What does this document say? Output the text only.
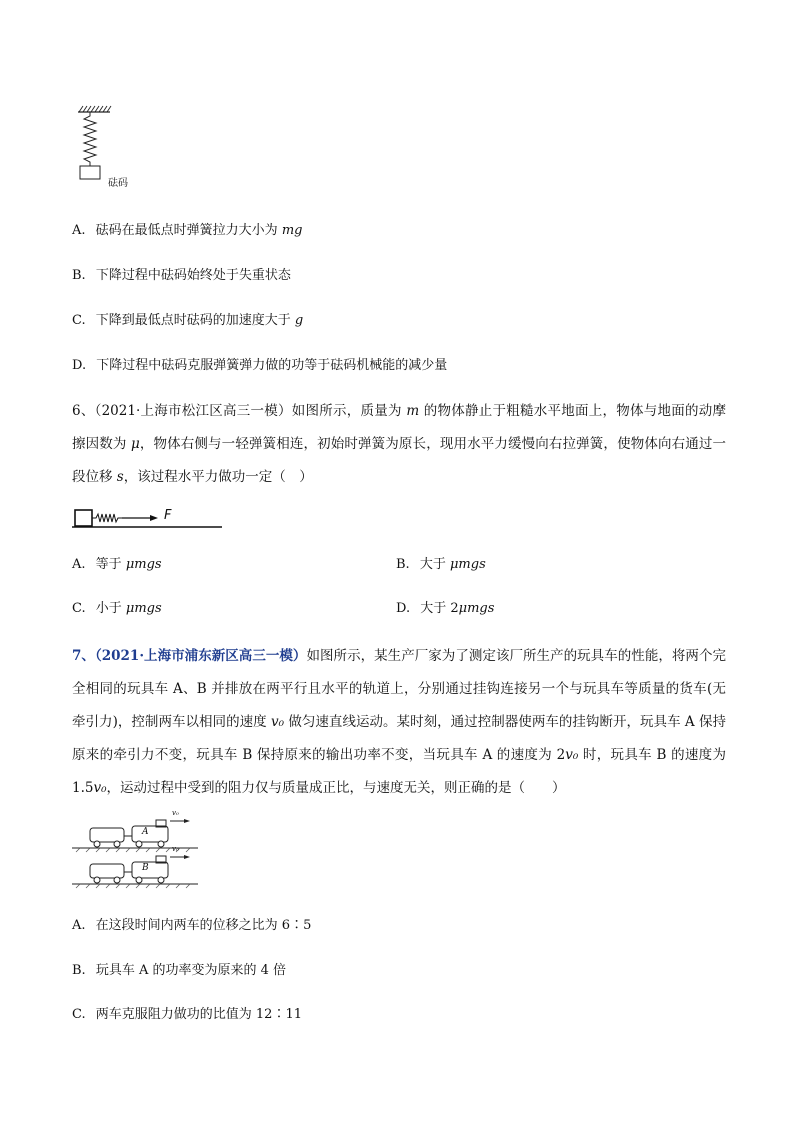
砝码
A. 砝码在最低点时弹簧拉力大小为 mg
B. 下降过程中砝码始终处于失重状态
C. 下降到最低点时砝码的加速度大于 g
D. 下降过程中砝码克服弹簧弹力做的功等于砝码机械能的减少量
6、（2021·上海市松江区高三一模）如图所示，质量为 m 的物体静止于粗糙水平地面上，物体与地面的动摩擦因数为 μ，物体右侧与一轻弹簧相连，初始时弹簧为原长，现用水平力缓慢向右拉弹簧，使物体向右通过一段位移 s，该过程水平力做功一定（　）
F
A. 等于 μmgs	B. 大于 μmgs
C. 小于 μmgs	D. 大于 2μmgs
7、（2021·上海市浦东新区高三一模）如图所示，某生产厂家为了测定该厂所生产的玩具车的性能，将两个完全相同的玩具车 A、B 并排放在两平行且水平的轨道上，分别通过挂钩连接另一个与玩具车等质量的货车(无牵引力)，控制两车以相同的速度 v₀ 做匀速直线运动。某时刻，通过控制器使两车的挂钩断开，玩具车 A 保持原来的牵引力不变，玩具车 B 保持原来的输出功率不变，当玩具车 A 的速度为 2v₀ 时，玩具车 B 的速度为 1.5v₀，运动过程中受到的阻力仅与质量成正比，与速度无关，则正确的是（　　）
A
B
v₀
v₀
A. 在这段时间内两车的位移之比为 6∶5
B. 玩具车 A 的功率变为原来的 4 倍
C. 两车克服阻力做功的比值为 12∶11
